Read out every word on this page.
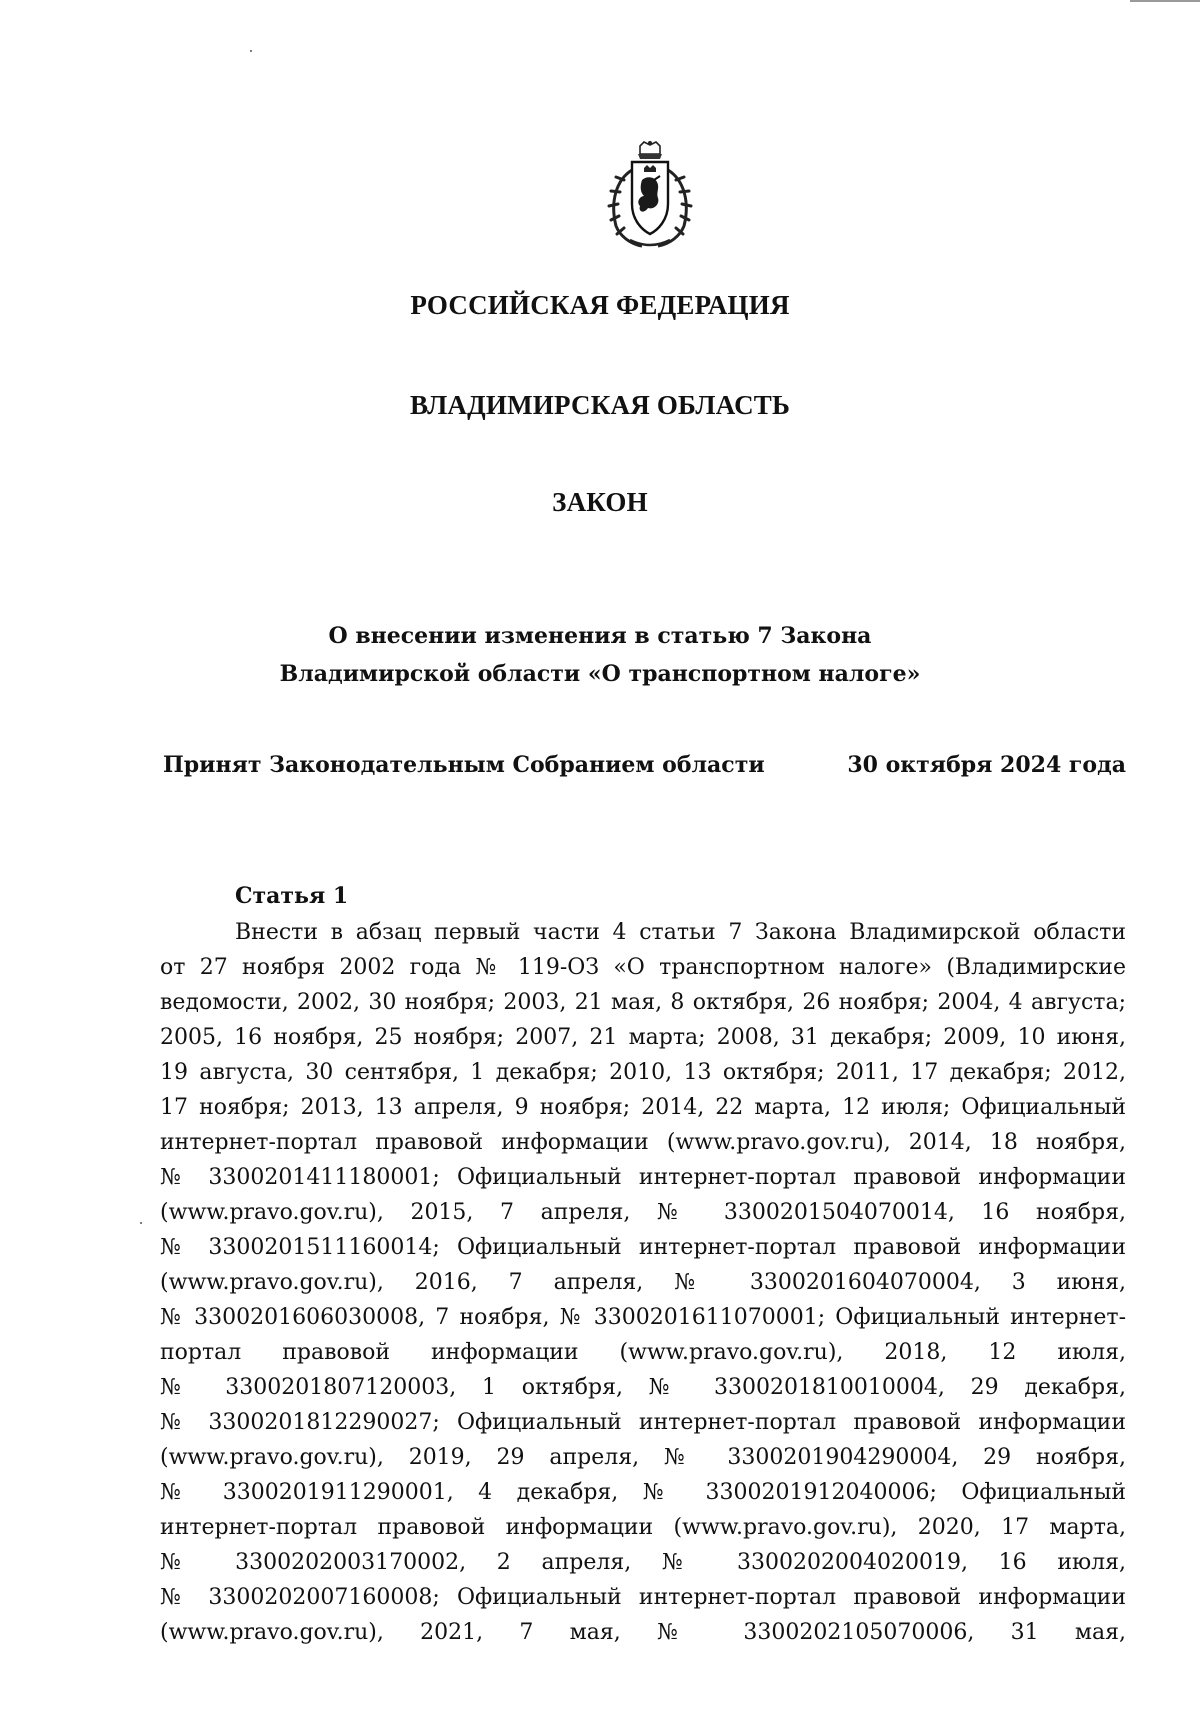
РОССИЙСКАЯ ФЕДЕРАЦИЯ
ВЛАДИМИРСКАЯ ОБЛАСТЬ
ЗАКОН
О внесении изменения в статью 7 Закона
Владимирской области «О транспортном налоге»
Принят Законодательным Собранием области	30 октября 2024 года
Статья 1
Внести в абзац первый части 4 статьи 7 Закона Владимирской области
от 27 ноября 2002 года № 119-ОЗ «О транспортном налоге» (Владимирские
ведомости, 2002, 30 ноября; 2003, 21 мая, 8 октября, 26 ноября; 2004, 4 августа;
2005, 16 ноября, 25 ноября; 2007, 21 марта; 2008, 31 декабря; 2009, 10 июня,
19 августа, 30 сентября, 1 декабря; 2010, 13 октября; 2011, 17 декабря; 2012,
17 ноября; 2013, 13 апреля, 9 ноября; 2014, 22 марта, 12 июля; Официальный
интернет-портал правовой информации (www.pravo.gov.ru), 2014, 18 ноября,
№ 3300201411180001; Официальный интернет-портал правовой информации
(www.pravo.gov.ru), 2015, 7 апреля, № 3300201504070014, 16 ноября,
№ 3300201511160014; Официальный интернет-портал правовой информации
(www.pravo.gov.ru), 2016, 7 апреля, № 3300201604070004, 3 июня,
№ 3300201606030008, 7 ноября, № 3300201611070001; Официальный интернет-
портал правовой информации (www.pravo.gov.ru), 2018, 12 июля,
№ 3300201807120003, 1 октября, № 3300201810010004, 29 декабря,
№ 3300201812290027; Официальный интернет-портал правовой информации
(www.pravo.gov.ru), 2019, 29 апреля, № 3300201904290004, 29 ноября,
№ 3300201911290001, 4 декабря, № 3300201912040006; Официальный
интернет-портал правовой информации (www.pravo.gov.ru), 2020, 17 марта,
№ 3300202003170002, 2 апреля, № 3300202004020019, 16 июля,
№ 3300202007160008; Официальный интернет-портал правовой информации
(www.pravo.gov.ru), 2021, 7 мая, № 3300202105070006, 31 мая,
